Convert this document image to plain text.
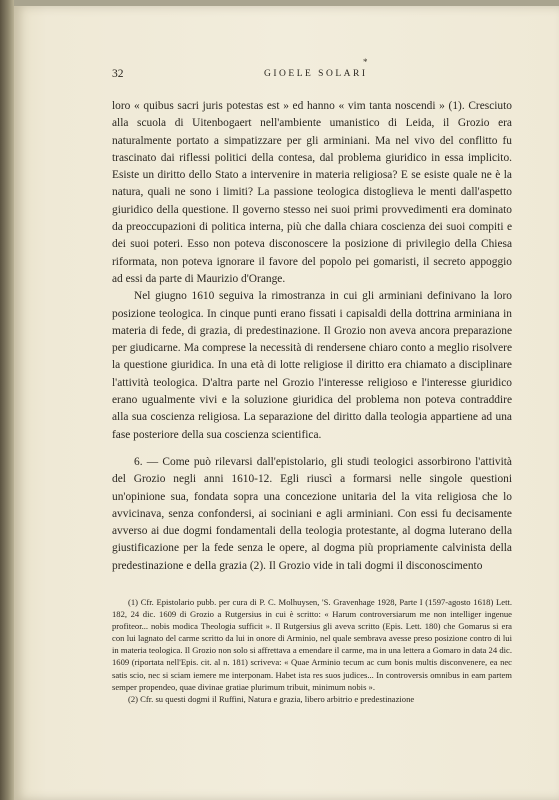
*
32	GIOELE SOLARI

loro « quibus sacri juris potestas est » ed hanno « vim tanta noscendi » (1). Cresciuto alla scuola di Uitenbogaert nell'ambiente umanistico di Leida, il Grozio era naturalmente portato a simpatizzare per gli arminiani. Ma nel vivo del conflitto fu trascinato dai riflessi politici della contesa, dal problema giuridico in essa implicito. Esiste un diritto dello Stato a intervenire in materia religiosa? E se esiste quale ne è la natura, quali ne sono i limiti? La passione teologica distoglieva le menti dall'aspetto giuridico della questione. Il governo stesso nei suoi primi provvedimenti era dominato da preoccupazioni di politica interna, più che dalla chiara coscienza dei suoi compiti e dei suoi poteri. Esso non poteva disconoscere la posizione di privilegio della Chiesa riformata, non poteva ignorare il favore del popolo pei gomaristi, il secreto appoggio ad essi da parte di Maurizio d'Orange.

Nel giugno 1610 seguiva la rimostranza in cui gli arminiani definivano la loro posizione teologica. In cinque punti erano fissati i capisaldi della dottrina arminiana in materia di fede, di grazia, di predestinazione. Il Grozio non aveva ancora preparazione per giudicarne. Ma comprese la necessità di rendersene chiaro conto a meglio risolvere la questione giuridica. In una età di lotte religiose il diritto era chiamato a disciplinare l'attività teologica. D'altra parte nel Grozio l'interesse religioso e l'interesse giuridico erano ugualmente vivi e la soluzione giuridica del problema non poteva contraddire alla sua coscienza religiosa. La separazione del diritto dalla teologia appartiene ad una fase posteriore della sua coscienza scientifica.

6. — Come può rilevarsi dall'epistolario, gli studi teologici assorbirono l'attività del Grozio negli anni 1610-12. Egli riuscì a formarsi nelle singole questioni un'opinione sua, fondata sopra una concezione unitaria del la vita religiosa che lo avvicinava, senza confondersi, ai sociniani e agli arminiani. Con essi fu decisamente avverso ai due dogmi fondamentali della teologia protestante, al dogma luterano della giustificazione per la fede senza le opere, al dogma più propriamente calvinista della predestinazione e della grazia (2). Il Grozio vide in tali dogmi il disconoscimento

(1) Cfr. Epistolario pubb. per cura di P. C. Molhuysen, 'S. Gravenhage 1928, Parte I (1597-agosto 1618) Lett. 182, 24 dic. 1609 di Grozio a Rutgersius in cui è scritto: « Harum controversiarum me non intelliger ingenue profiteor... nobis modica Theologia sufficit ». Il Rutgersius gli aveva scritto (Epis. Lett. 180) che Gomarus si era con lui lagnato del carme scritto da lui in onore di Arminio, nel quale sembrava avesse preso posizione contro di lui in materia teologica. Il Grozio non solo si affrettava a emendare il carme, ma in una lettera a Gomaro in data 24 dic. 1609 (riportata nell'Epis. cit. al n. 181) scriveva: « Quae Arminio tecum ac cum bonis multis disconvenere, ea nec satis scio, nec si sciam iemere me interponam. Habet ista res suos judices... In controversis omnibus in eam partem semper propendeo, quae divinae gratiae plurimum tribuit, minimum nobis ».

(2) Cfr. su questi dogmi il Ruffini, Natura e grazia, libero arbitrio e predestinazione
